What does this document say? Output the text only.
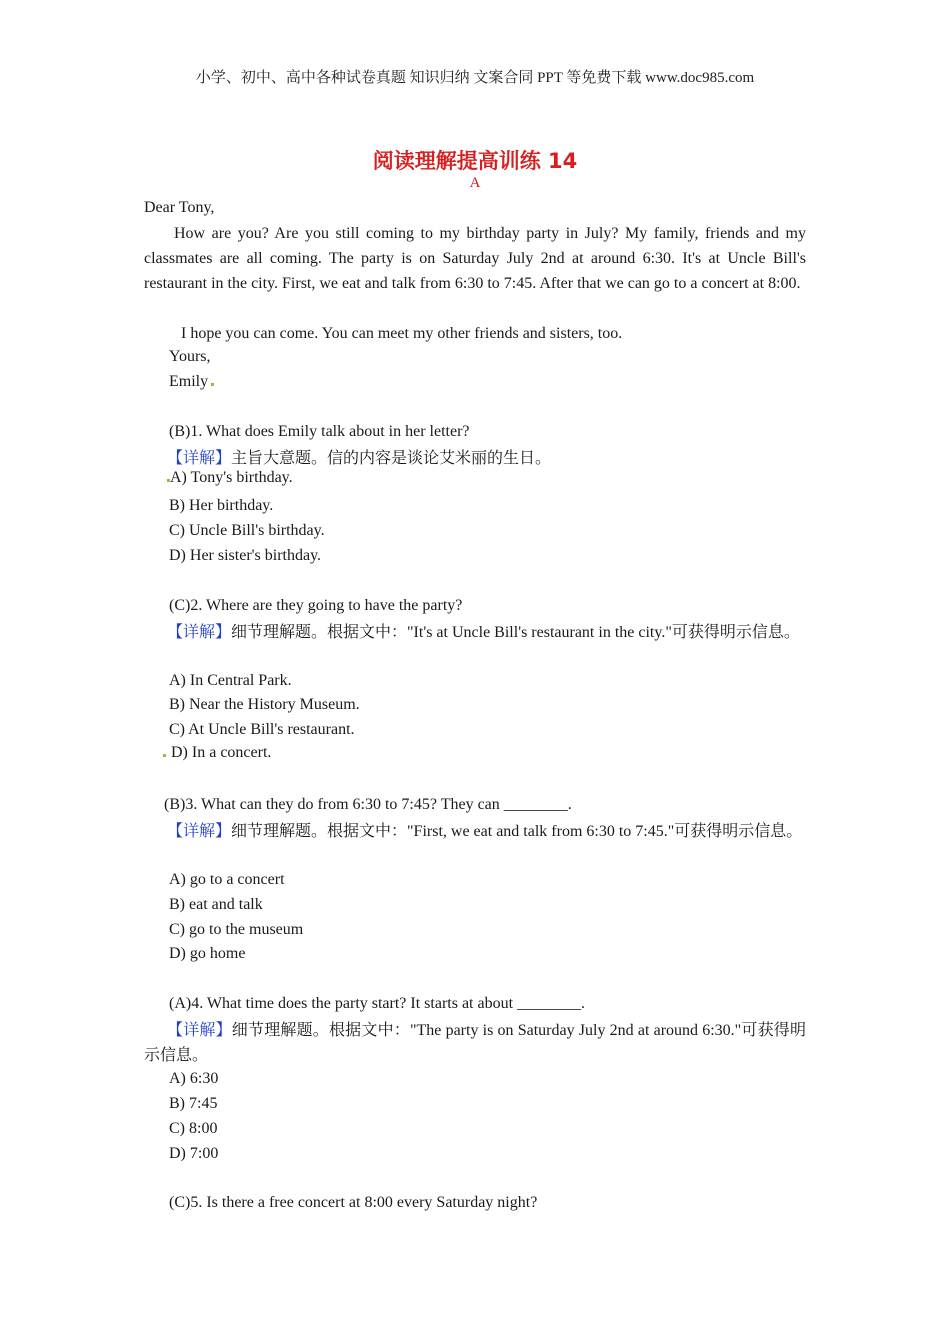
小学、初中、高中各种试卷真题 知识归纳 文案合同 PPT 等免费下载 www.doc985.com
阅读理解提高训练 14
A
Dear Tony,
How are you? Are you still coming to my birthday party in July? My family, friends and my classmates are all coming. The party is on Saturday July 2nd at around 6:30. It's at Uncle Bill's restaurant in the city. First, we eat and talk from 6:30 to 7:45. After that we can go to a concert at 8:00.
I hope you can come. You can meet my other friends and sisters, too.
Yours,
Emily
(B)1. What does Emily talk about in her letter?
【详解】主旨大意题。信的内容是谈论艾米丽的生日。
A) Tony's birthday.
B) Her birthday.
C) Uncle Bill's birthday.
D) Her sister's birthday.
(C)2. Where are they going to have the party?
【详解】细节理解题。根据文中："It's at Uncle Bill's restaurant in the city."可获得明示信息。
A) In Central Park.
B) Near the History Museum.
C) At Uncle Bill's restaurant.
D) In a concert.
(B)3. What can they do from 6:30 to 7:45? They can ________.
【详解】细节理解题。根据文中："First, we eat and talk from 6:30 to 7:45."可获得明示信息。
A) go to a concert
B) eat and talk
C) go to the museum
D) go home
(A)4. What time does the party start? It starts at about ________.
【详解】细节理解题。根据文中："The party is on Saturday July 2nd at around 6:30."可获得明示信息。
A) 6:30
B) 7:45
C) 8:00
D) 7:00
(C)5. Is there a free concert at 8:00 every Saturday night?
